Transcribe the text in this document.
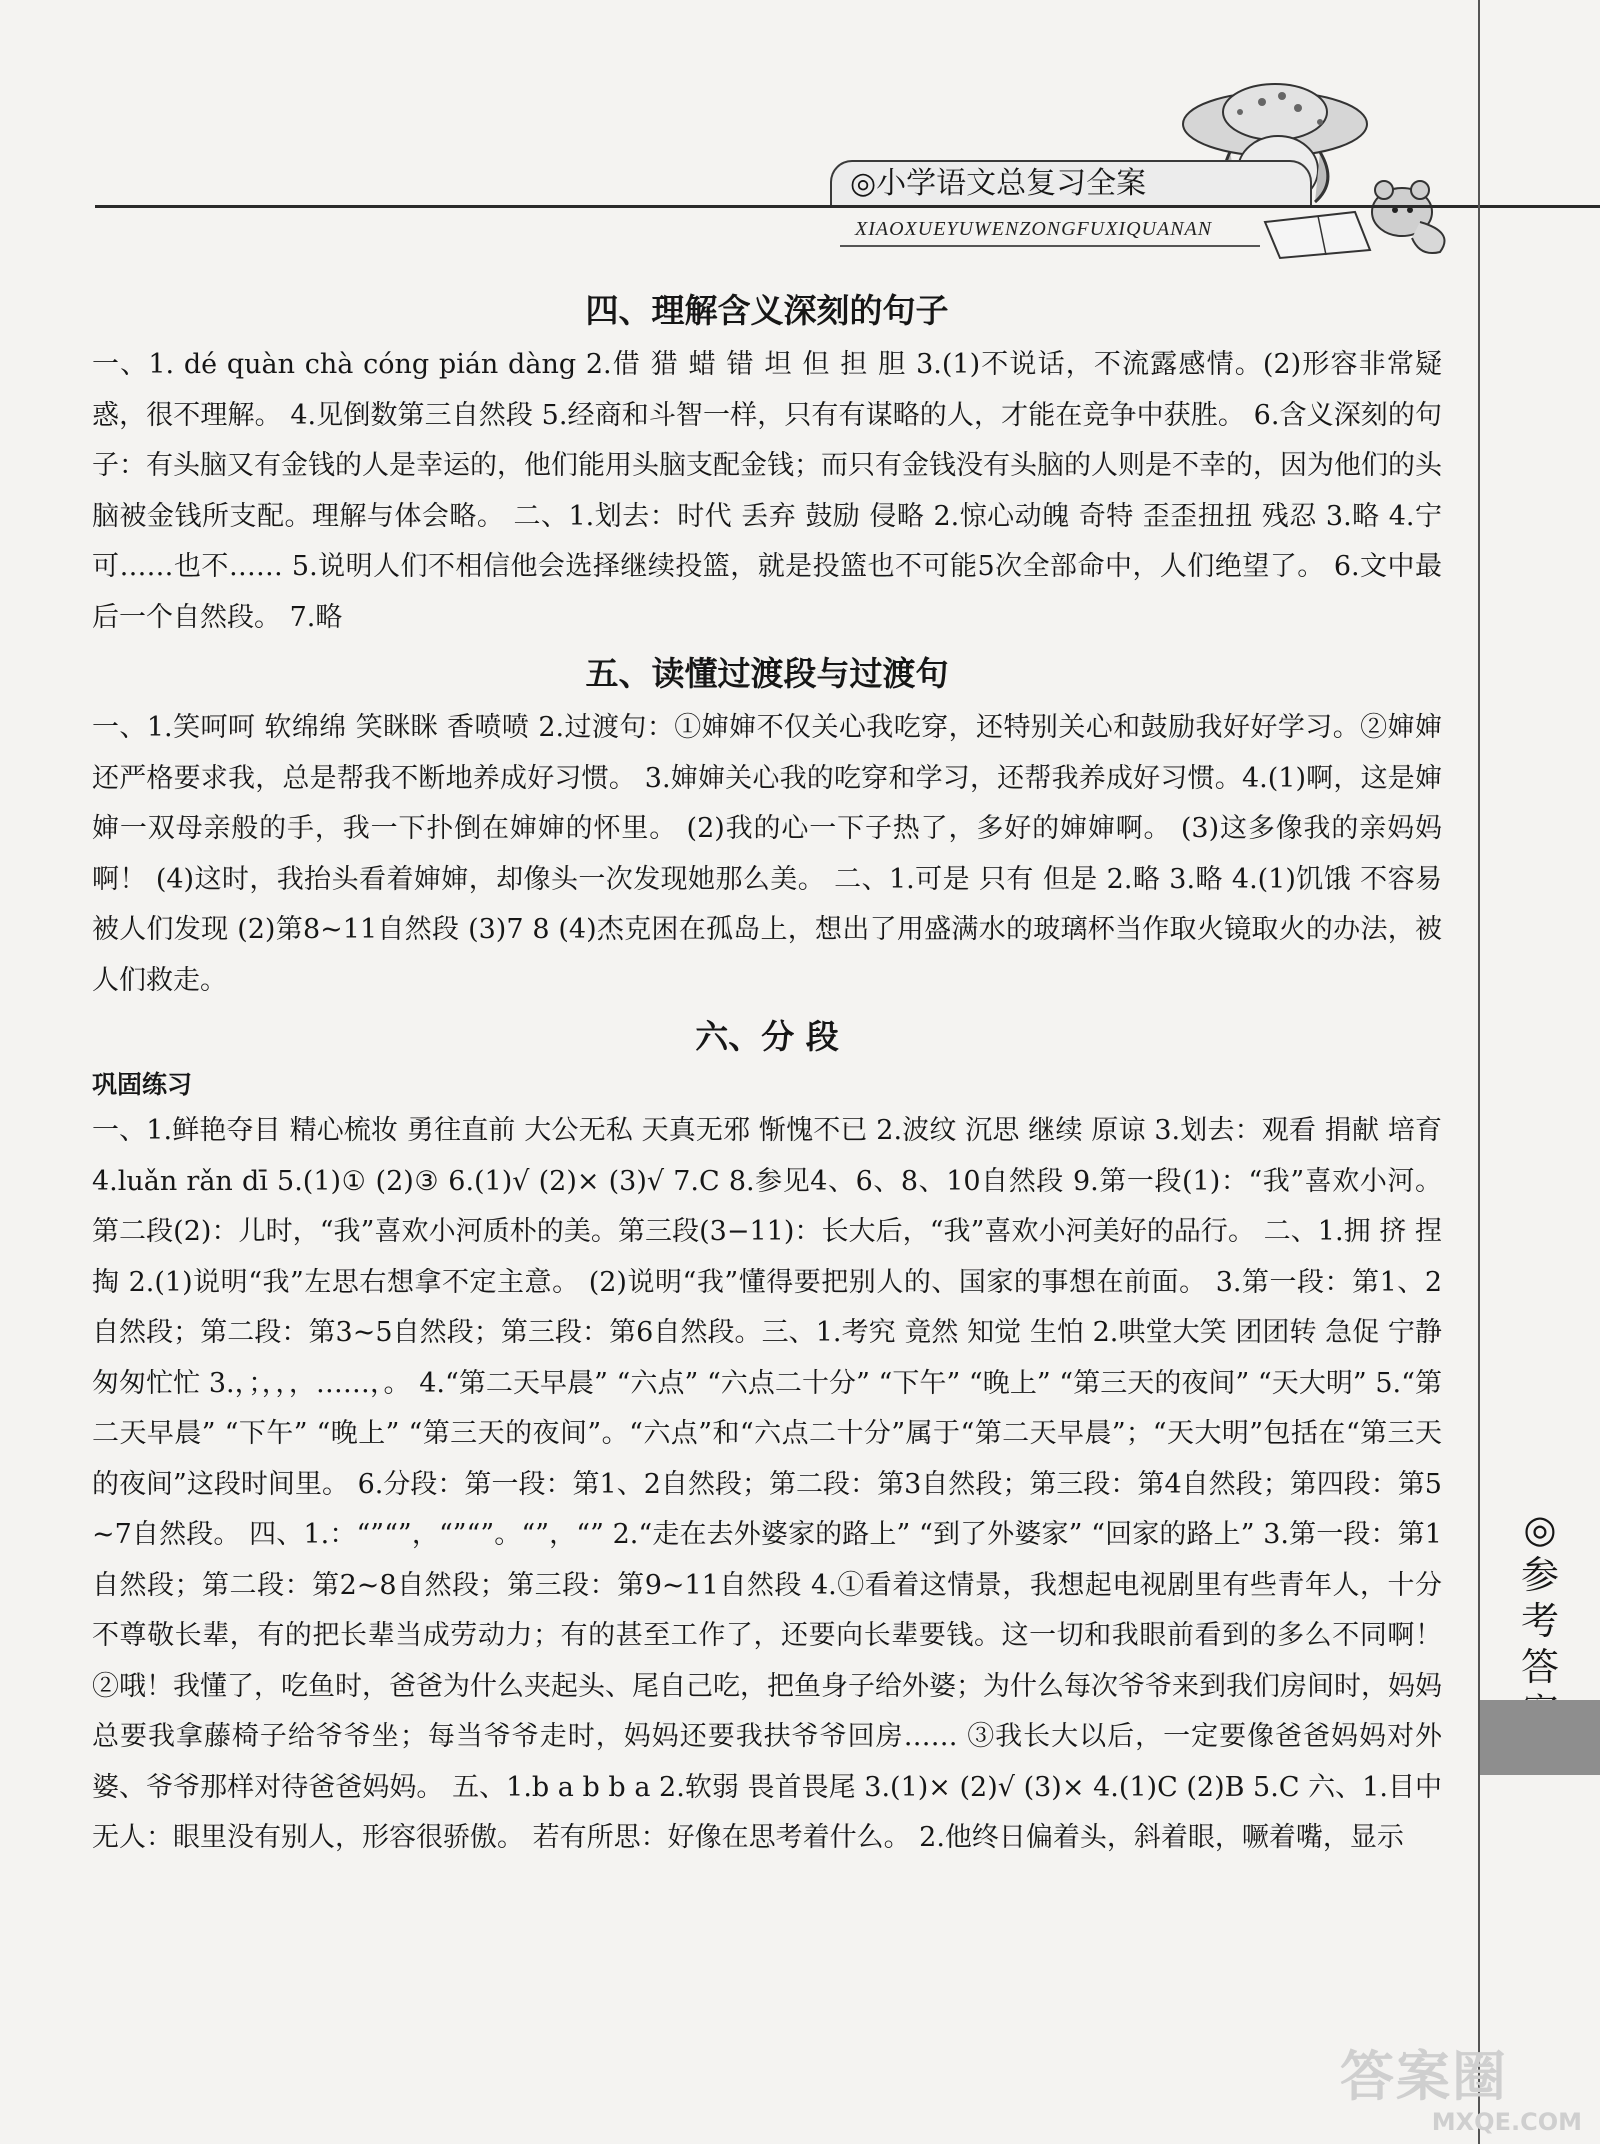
◎小学语文总复习全案
XIAOXUEYUWENZONGFUXIQUANAN
◎
参
考
答
四、理解含义深刻的句子

一、1. dé quàn chà cóng pián dàng 2.借 猎 蜡 错 坦 但 担 胆 3.(1)不说话，不流露感情。(2)形容非常疑惑，很不理解。 4.见倒数第三自然段 5.经商和斗智一样，只有有谋略的人，才能在竞争中获胜。 6.含义深刻的句子：有头脑又有金钱的人是幸运的，他们能用头脑支配金钱；而只有金钱没有头脑的人则是不幸的，因为他们的头脑被金钱所支配。理解与体会略。 二、1.划去：时代 丢弃 鼓励 侵略 2.惊心动魄 奇特 歪歪扭扭 残忍 3.略 4.宁可……也不…… 5.说明人们不相信他会选择继续投篮，就是投篮也不可能5次全部命中，人们绝望了。 6.文中最后一个自然段。 7.略

五、读懂过渡段与过渡句

一、1.笑呵呵 软绵绵 笑眯眯 香喷喷 2.过渡句：①婶婶不仅关心我吃穿，还特别关心和鼓励我好好学习。②婶婶还严格要求我，总是帮我不断地养成好习惯。 3.婶婶关心我的吃穿和学习，还帮我养成好习惯。4.(1)啊，这是婶婶一双母亲般的手，我一下扑倒在婶婶的怀里。 (2)我的心一下子热了，多好的婶婶啊。 (3)这多像我的亲妈妈啊！ (4)这时，我抬头看着婶婶，却像头一次发现她那么美。 二、1.可是 只有 但是 2.略 3.略 4.(1)饥饿 不容易被人们发现 (2)第8~11自然段 (3)7 8 (4)杰克困在孤岛上，想出了用盛满水的玻璃杯当作取火镜取火的办法，被人们救走。

六、分 段
巩固练习

一、1.鲜艳夺目 精心梳妆 勇往直前 大公无私 天真无邪 惭愧不已 2.波纹 沉思 继续 原谅 3.划去：观看 捐献 培育 4.luǎn rǎn dī 5.(1)① (2)③ 6.(1)√ (2)× (3)√ 7.C 8.参见4、6、8、10自然段 9.第一段(1)：“我”喜欢小河。第二段(2)：儿时，“我”喜欢小河质朴的美。第三段(3−11)：长大后，“我”喜欢小河美好的品行。 二、1.拥 挤 捏 掏 2.(1)说明“我”左思右想拿不定主意。 (2)说明“我”懂得要把别人的、国家的事想在前面。 3.第一段：第1、2自然段；第二段：第3~5自然段；第三段：第6自然段。三、1.考究 竟然 知觉 生怕 2.哄堂大笑 团团转 急促 宁静 匆匆忙忙 3.，；，，，……，。 4.“第二天早晨” “六点” “六点二十分” “下午” “晚上” “第三天的夜间” “天大明” 5.“第二天早晨” “下午” “晚上” “第三天的夜间”。“六点”和“六点二十分”属于“第二天早晨”；“天大明”包括在“第三天的夜间”这段时间里。 6.分段：第一段：第1、2自然段；第二段：第3自然段；第三段：第4自然段；第四段：第5~7自然段。 四、1.：“”“”，“”“”。“”，“” 2.“走在去外婆家的路上” “到了外婆家” “回家的路上” 3.第一段：第1自然段；第二段：第2~8自然段；第三段：第9~11自然段 4.①看着这情景，我想起电视剧里有些青年人，十分不尊敬长辈，有的把长辈当成劳动力；有的甚至工作了，还要向长辈要钱。这一切和我眼前看到的多么不同啊！ ②哦！我懂了，吃鱼时，爸爸为什么夹起头、尾自己吃，把鱼身子给外婆；为什么每次爷爷来到我们房间时，妈妈总要我拿藤椅子给爷爷坐；每当爷爷走时，妈妈还要我扶爷爷回房…… ③我长大以后，一定要像爸爸妈妈对外婆、爷爷那样对待爸爸妈妈。 五、1.b a b b a 2.软弱 畏首畏尾 3.(1)× (2)√ (3)× 4.(1)C (2)B 5.C 六、1.目中无人：眼里没有别人，形容很骄傲。 若有所思：好像在思考着什么。 2.他终日偏着头，斜着眼，噘着嘴，显示

答案圈
MXQE.COM
